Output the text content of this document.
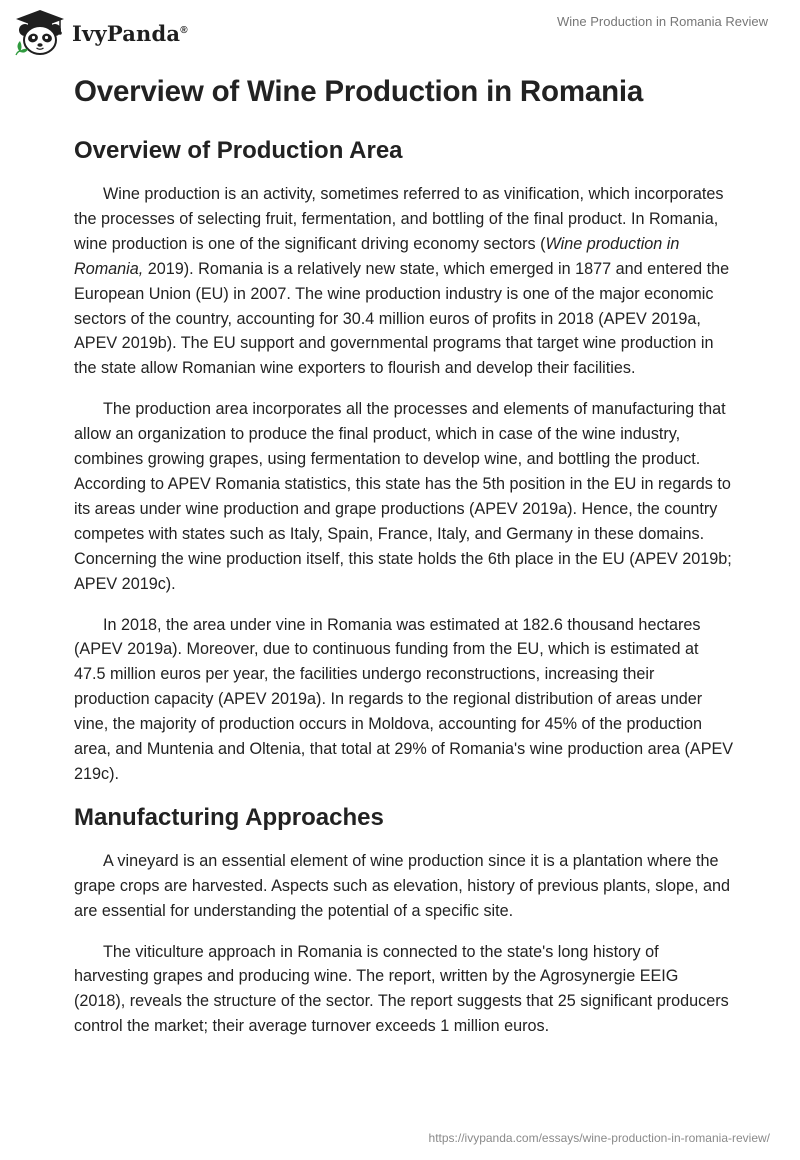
IvyPanda®
Wine Production in Romania Review
Overview of Wine Production in Romania
Overview of Production Area

Wine production is an activity, sometimes referred to as vinification, which incorporates the processes of selecting fruit, fermentation, and bottling of the final product. In Romania, wine production is one of the significant driving economy sectors (Wine production in Romania, 2019). Romania is a relatively new state, which emerged in 1877 and entered the European Union (EU) in 2007. The wine production industry is one of the major economic sectors of the country, accounting for 30.4 million euros of profits in 2018 (APEV 2019a, APEV 2019b). The EU support and governmental programs that target wine production in the state allow Romanian wine exporters to flourish and develop their facilities.

The production area incorporates all the processes and elements of manufacturing that allow an organization to produce the final product, which in case of the wine industry, combines growing grapes, using fermentation to develop wine, and bottling the product. According to APEV Romania statistics, this state has the 5th position in the EU in regards to its areas under wine production and grape productions (APEV 2019a). Hence, the country competes with states such as Italy, Spain, France, Italy, and Germany in these domains. Concerning the wine production itself, this state holds the 6th place in the EU (APEV 2019b; APEV 2019c).

In 2018, the area under vine in Romania was estimated at 182.6 thousand hectares (APEV 2019a). Moreover, due to continuous funding from the EU, which is estimated at 47.5 million euros per year, the facilities undergo reconstructions, increasing their production capacity (APEV 2019a). In regards to the regional distribution of areas under vine, the majority of production occurs in Moldova, accounting for 45% of the production area, and Muntenia and Oltenia, that total at 29% of Romania's wine production area (APEV 219c).

Manufacturing Approaches

A vineyard is an essential element of wine production since it is a plantation where the grape crops are harvested. Aspects such as elevation, history of previous plants, slope, and are essential for understanding the potential of a specific site.

The viticulture approach in Romania is connected to the state's long history of harvesting grapes and producing wine. The report, written by the Agrosynergie EEIG (2018), reveals the structure of the sector. The report suggests that 25 significant producers control the market; their average turnover exceeds 1 million euros.

https://ivypanda.com/essays/wine-production-in-romania-review/
